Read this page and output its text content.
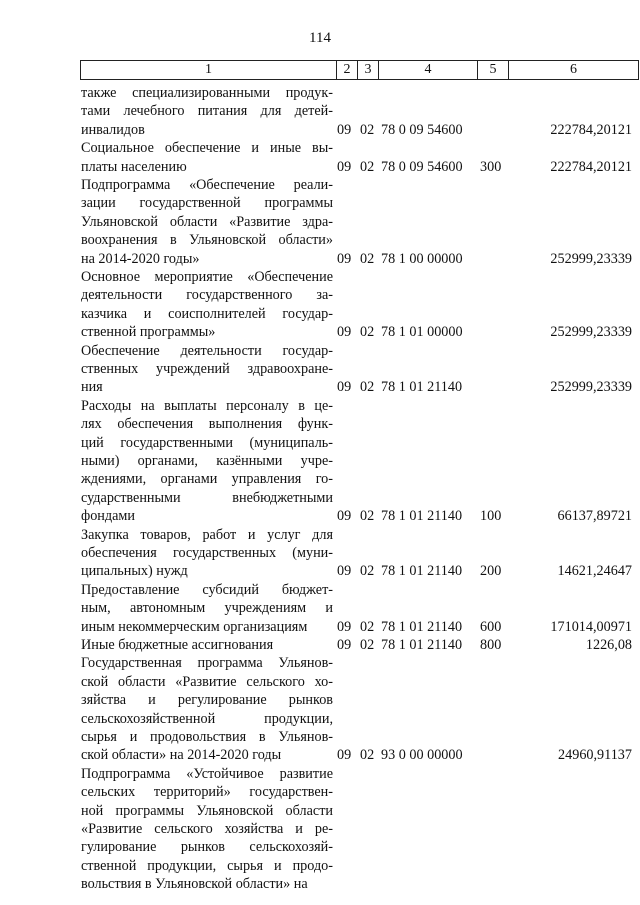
114
1	2	3	4	5	6
также специализированными продук-
тами лечебного питания для детей-
инвалидов	09 02 78 0 09 54600	222784,20121
Социальное обеспечение и иные вы-
платы населению	09 02 78 0 09 54600 300	222784,20121
Подпрограмма «Обеспечение реали-
зации государственной программы
Ульяновской области «Развитие здра-
воохранения в Ульяновской области»
на 2014-2020 годы»	09 02 78 1 00 00000	252999,23339
Основное мероприятие «Обеспечение
деятельности государственного за-
казчика и соисполнителей государ-
ственной программы»	09 02 78 1 01 00000	252999,23339
Обеспечение деятельности государ-
ственных учреждений здравоохране-
ния	09 02 78 1 01 21140	252999,23339
Расходы на выплаты персоналу в це-
лях обеспечения выполнения функ-
ций государственными (муниципаль-
ными) органами, казёнными учре-
ждениями, органами управления го-
сударственными внебюджетными
фондами	09 02 78 1 01 21140 100	66137,89721
Закупка товаров, работ и услуг для
обеспечения государственных (муни-
ципальных) нужд	09 02 78 1 01 21140 200	14621,24647
Предоставление субсидий бюджет-
ным, автономным учреждениям и
иным некоммерческим организациям	09 02 78 1 01 21140 600	171014,00971
Иные бюджетные ассигнования	09 02 78 1 01 21140 800	1226,08
Государственная программа Ульянов-
ской области «Развитие сельского хо-
зяйства и регулирование рынков
сельскохозяйственной продукции,
сырья и продовольствия в Ульянов-
ской области» на 2014-2020 годы	09 02 93 0 00 00000	24960,91137
Подпрограмма «Устойчивое развитие
сельских территорий» государствен-
ной программы Ульяновской области
«Развитие сельского хозяйства и ре-
гулирование рынков сельскохозяй-
ственной продукции, сырья и продо-
вольствия в Ульяновской области» на
